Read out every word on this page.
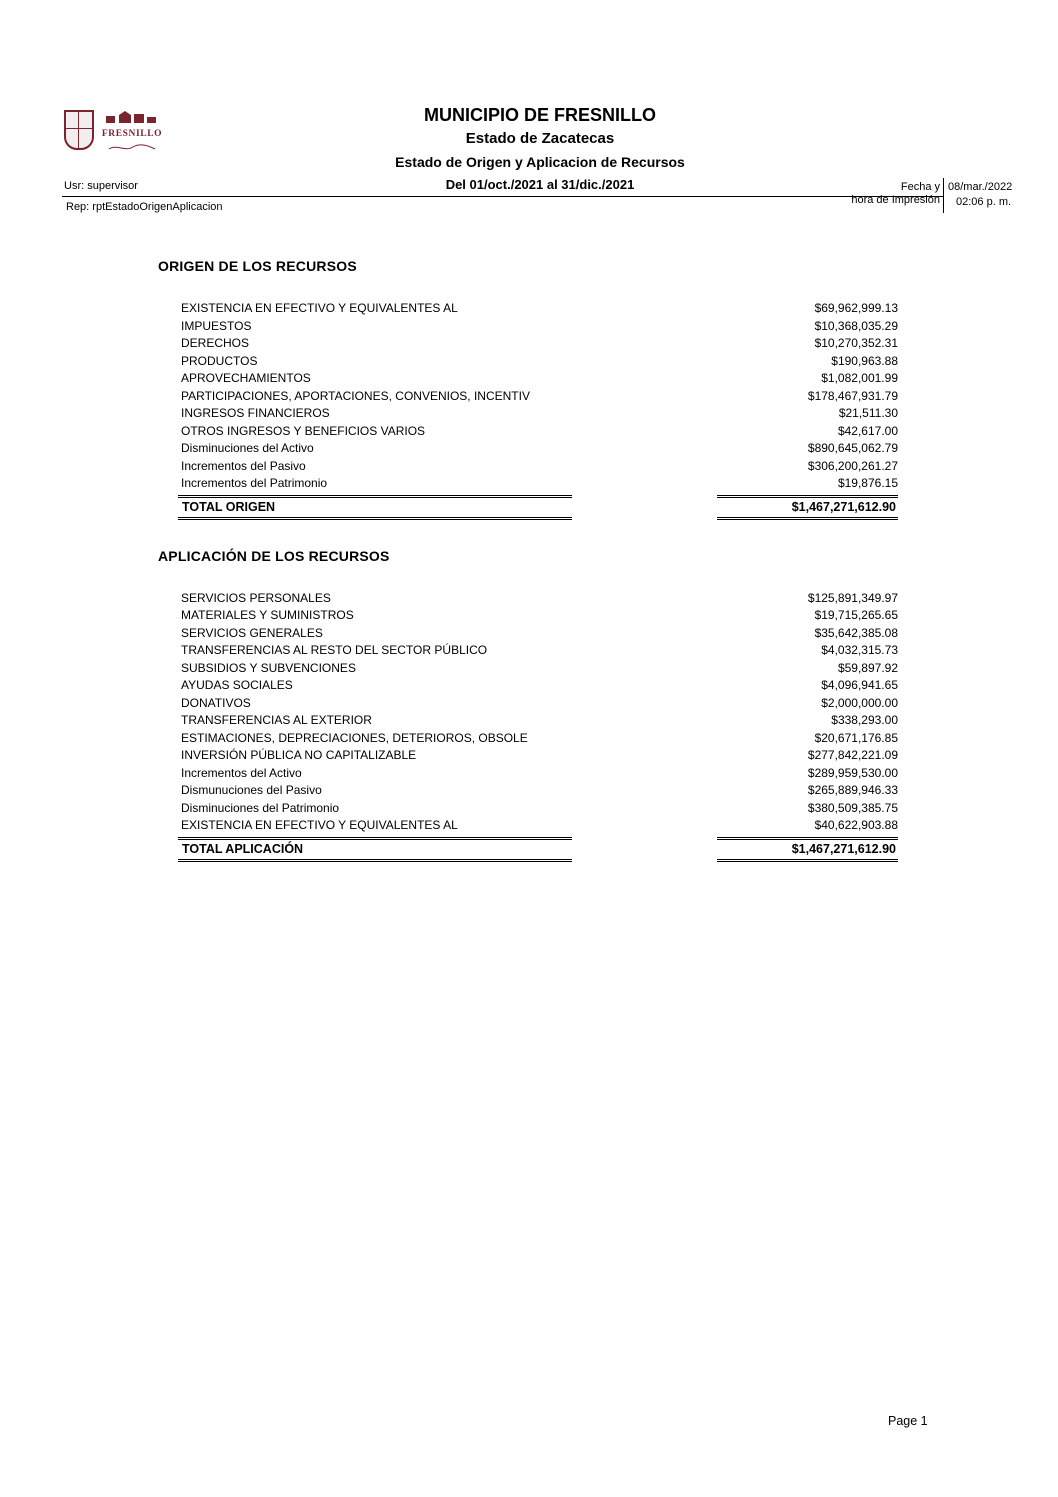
FRESNILLO
MUNICIPIO DE FRESNILLO
Estado de Zacatecas
Estado de Origen y Aplicacion de Recursos
Del 01/oct./2021 al 31/dic./2021
Usr: supervisor
Rep: rptEstadoOrigenAplicacion
Fecha y
hora de Impresión
08/mar./2022
02:06 p. m.
ORIGEN DE LOS RECURSOS
EXISTENCIA EN EFECTIVO Y EQUIVALENTES AL	$69,962,999.13
IMPUESTOS	$10,368,035.29
DERECHOS	$10,270,352.31
PRODUCTOS	$190,963.88
APROVECHAMIENTOS	$1,082,001.99
PARTICIPACIONES, APORTACIONES, CONVENIOS, INCENTIV	$178,467,931.79
INGRESOS FINANCIEROS	$21,511.30
OTROS INGRESOS Y BENEFICIOS VARIOS	$42,617.00
Disminuciones del Activo	$890,645,062.79
Incrementos del Pasivo	$306,200,261.27
Incrementos del Patrimonio	$19,876.15
TOTAL ORIGEN	$1,467,271,612.90
APLICACIÓN DE LOS RECURSOS
SERVICIOS PERSONALES	$125,891,349.97
MATERIALES Y SUMINISTROS	$19,715,265.65
SERVICIOS GENERALES	$35,642,385.08
TRANSFERENCIAS AL RESTO DEL SECTOR PÚBLICO	$4,032,315.73
SUBSIDIOS Y SUBVENCIONES	$59,897.92
AYUDAS SOCIALES	$4,096,941.65
DONATIVOS	$2,000,000.00
TRANSFERENCIAS AL EXTERIOR	$338,293.00
ESTIMACIONES, DEPRECIACIONES, DETERIOROS, OBSOLE	$20,671,176.85
INVERSIÓN PÚBLICA NO CAPITALIZABLE	$277,842,221.09
Incrementos del Activo	$289,959,530.00
Dismunuciones del Pasivo	$265,889,946.33
Disminuciones del Patrimonio	$380,509,385.75
EXISTENCIA EN EFECTIVO Y EQUIVALENTES AL	$40,622,903.88
TOTAL APLICACIÓN	$1,467,271,612.90
Page 1
